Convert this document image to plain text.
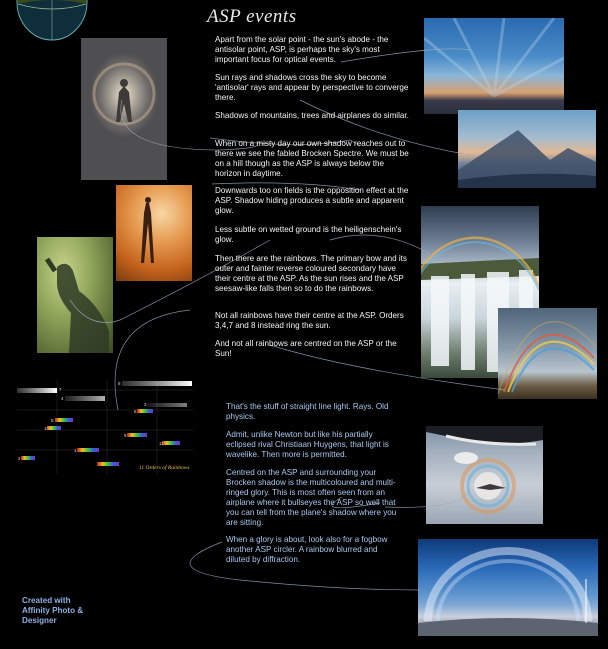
7
8
4
3
6
5
10
9
11
1
2
11 Orders of Rainbows
ASP events

Apart from the solar point - the sun's abode - the antisolar point, ASP, is perhaps the sky's most important focus for optical events.

Sun rays and shadows cross the sky to become 'antisolar' rays and appear by perspective to converge there.

Shadows of mountains, trees and airplanes do similar.

When on a misty day our own shadow reaches out to there we see the fabled Brocken Spectre. We must be on a hill though as the ASP is always below the horizon in daytime.

Downwards too on fields is the opposition effect at the ASP. Shadow hiding produces a subtle and apparent glow.

Less subtle on wetted ground is the heiligenschein's glow.

Then there are the rainbows. The primary bow and its outer and fainter reverse coloured secondary have their centre at the ASP. As the sun rises and the ASP seesaw-like falls then so to do the rainbows.

Not all rainbows have their centre at the ASP. Orders 3,4,7 and 8 instead ring the sun.

And not all rainbows are centred on the ASP or the Sun!

That's the stuff of straight line light. Rays. Old physics.

Admit, unlike Newton but like his partially eclipsed rival Christiaan Huygens, that light is wavelike. Then more is permitted.

Centred on the ASP and surrounding your Brocken shadow is the multicoloured and multi-ringed glory. This is most often seen from an airplane where it bullseyes the ASP so well that you can tell from the plane's shadow where you are sitting.

When a glory is about, look also for a fogbow another ASP circler. A rainbow blurred and diluted by diffraction.

Created with Affinity Photo & Designer
